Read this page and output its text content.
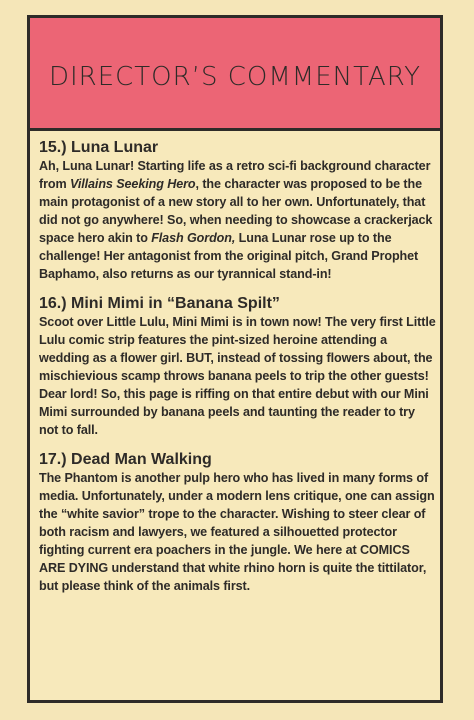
DIRECTOR’S COMMENTARY

15.) Luna Lunar

Ah, Luna Lunar! Starting life as a retro sci-fi background character from Villains Seeking Hero, the character was proposed to be the main protagonist of a new story all to her own. Unfortunately, that did not go anywhere! So, when needing to showcase a crackerjack space hero akin to Flash Gordon, Luna Lunar rose up to the challenge! Her antagonist from the original pitch, Grand Prophet Baphamo, also returns as our tyrannical stand-in!

16.) Mini Mimi in “Banana Spilt”

Scoot over Little Lulu, Mini Mimi is in town now! The very first Little Lulu comic strip features the pint-sized heroine attending a wedding as a flower girl. BUT, instead of tossing flowers about, the mischievious scamp throws banana peels to trip the other guests! Dear lord! So, this page is riffing on that entire debut with our Mini Mimi surrounded by banana peels and taunting the reader to try not to fall.

17.) Dead Man Walking

The Phantom is another pulp hero who has lived in many forms of media. Unfortunately, under a modern lens critique, one can assign the “white savior” trope to the character. Wishing to steer clear of both racism and lawyers, we featured a silhouetted protector fighting current era poachers in the jungle. We here at COMICS ARE DYING understand that white rhino horn is quite the tittilator, but please think of the animals first.
